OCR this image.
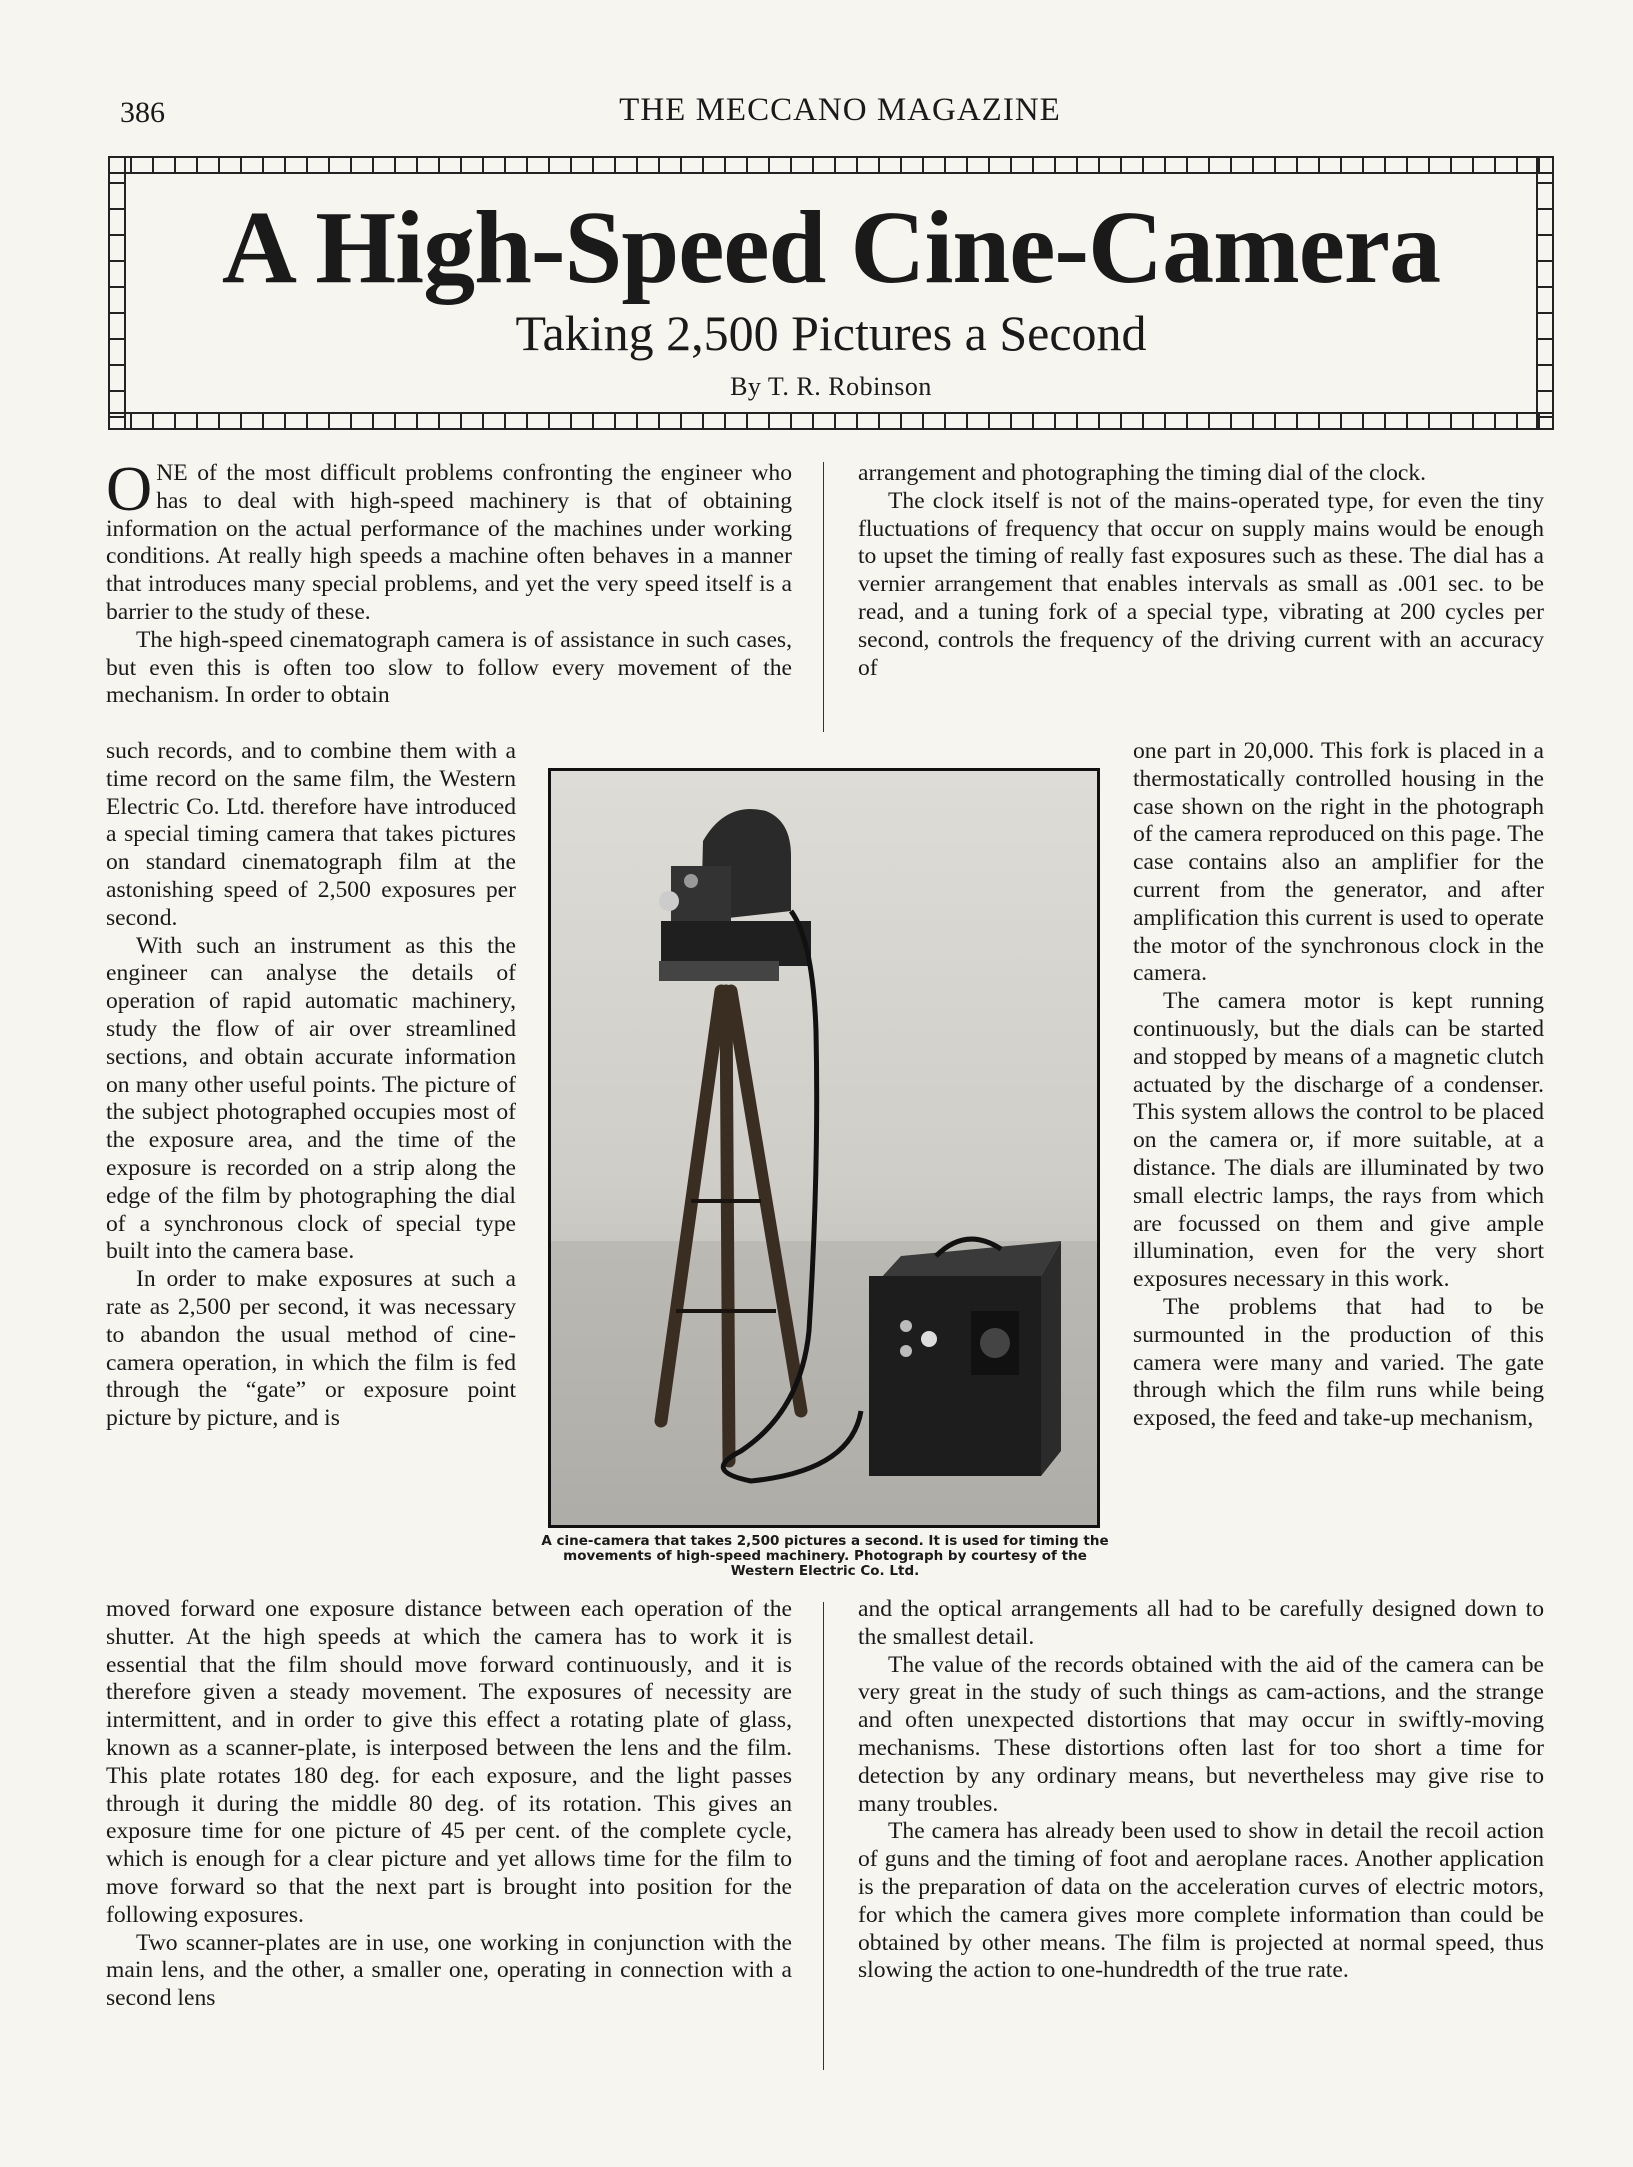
386	THE MECCANO MAGAZINE
A High-Speed Cine-Camera
Taking 2,500 Pictures a Second
By T. R. Robinson

ONE of the most difficult problems confronting the engineer who has to deal with high-speed machinery is that of obtaining information on the actual performance of the machines under working conditions. At really high speeds a machine often behaves in a manner that introduces many special problems, and yet the very speed itself is a barrier to the study of these.

The high-speed cinematograph camera is of assistance in such cases, but even this is often too slow to follow every movement of the mechanism. In order to obtain

such records, and to combine them with a time record on the same film, the Western Electric Co. Ltd. therefore have introduced a special timing camera that takes pictures on standard cinematograph film at the astonishing speed of 2,500 exposures per second.

With such an instrument as this the engineer can analyse the details of operation of rapid automatic machinery, study the flow of air over streamlined sections, and obtain accurate information on many other useful points. The picture of the subject photographed occupies most of the exposure area, and the time of the exposure is recorded on a strip along the edge of the film by photographing the dial of a synchronous clock of special type built into the camera base.

In order to make exposures at such a rate as 2,500 per second, it was necessary to abandon the usual method of cine-camera operation, in which the film is fed through the “gate” or exposure point picture by picture, and is

moved forward one exposure distance between each operation of the shutter. At the high speeds at which the camera has to work it is essential that the film should move forward continuously, and it is therefore given a steady movement. The exposures of necessity are intermittent, and in order to give this effect a rotating plate of glass, known as a scanner-plate, is interposed between the lens and the film. This plate rotates 180 deg. for each exposure, and the light passes through it during the middle 80 deg. of its rotation. This gives an exposure time for one picture of 45 per cent. of the complete cycle, which is enough for a clear picture and yet allows time for the film to move forward so that the next part is brought into position for the following exposures.

Two scanner-plates are in use, one working in conjunction with the main lens, and the other, a smaller one, operating in connection with a second lens

arrangement and photographing the timing dial of the clock.

The clock itself is not of the mains-operated type, for even the tiny fluctuations of frequency that occur on supply mains would be enough to upset the timing of really fast exposures such as these. The dial has a vernier arrangement that enables intervals as small as .001 sec. to be read, and a tuning fork of a special type, vibrating at 200 cycles per second, controls the frequency of the driving current with an accuracy of

one part in 20,000. This fork is placed in a thermostatically controlled housing in the case shown on the right in the photograph of the camera reproduced on this page. The case contains also an amplifier for the current from the generator, and after amplification this current is used to operate the motor of the synchronous clock in the camera.

The camera motor is kept running continuously, but the dials can be started and stopped by means of a magnetic clutch actuated by the discharge of a condenser. This system allows the control to be placed on the camera or, if more suitable, at a distance. The dials are illuminated by two small electric lamps, the rays from which are focussed on them and give ample illumination, even for the very short exposures necessary in this work.

The problems that had to be surmounted in the production of this camera were many and varied. The gate through which the film runs while being exposed, the feed and take-up mechanism,

and the optical arrangements all had to be carefully designed down to the smallest detail.

The value of the records obtained with the aid of the camera can be very great in the study of such things as cam-actions, and the strange and often unexpected distortions that may occur in swiftly-moving mechanisms. These distortions often last for too short a time for detection by any ordinary means, but nevertheless may give rise to many troubles.

The camera has already been used to show in detail the recoil action of guns and the timing of foot and aeroplane races. Another application is the preparation of data on the acceleration curves of electric motors, for which the camera gives more complete information than could be obtained by other means. The film is projected at normal speed, thus slowing the action to one-hundredth of the true rate.

A cine-camera that takes 2,500 pictures a second. It is used for timing the movements of high-speed machinery. Photograph by courtesy of the Western Electric Co. Ltd.
